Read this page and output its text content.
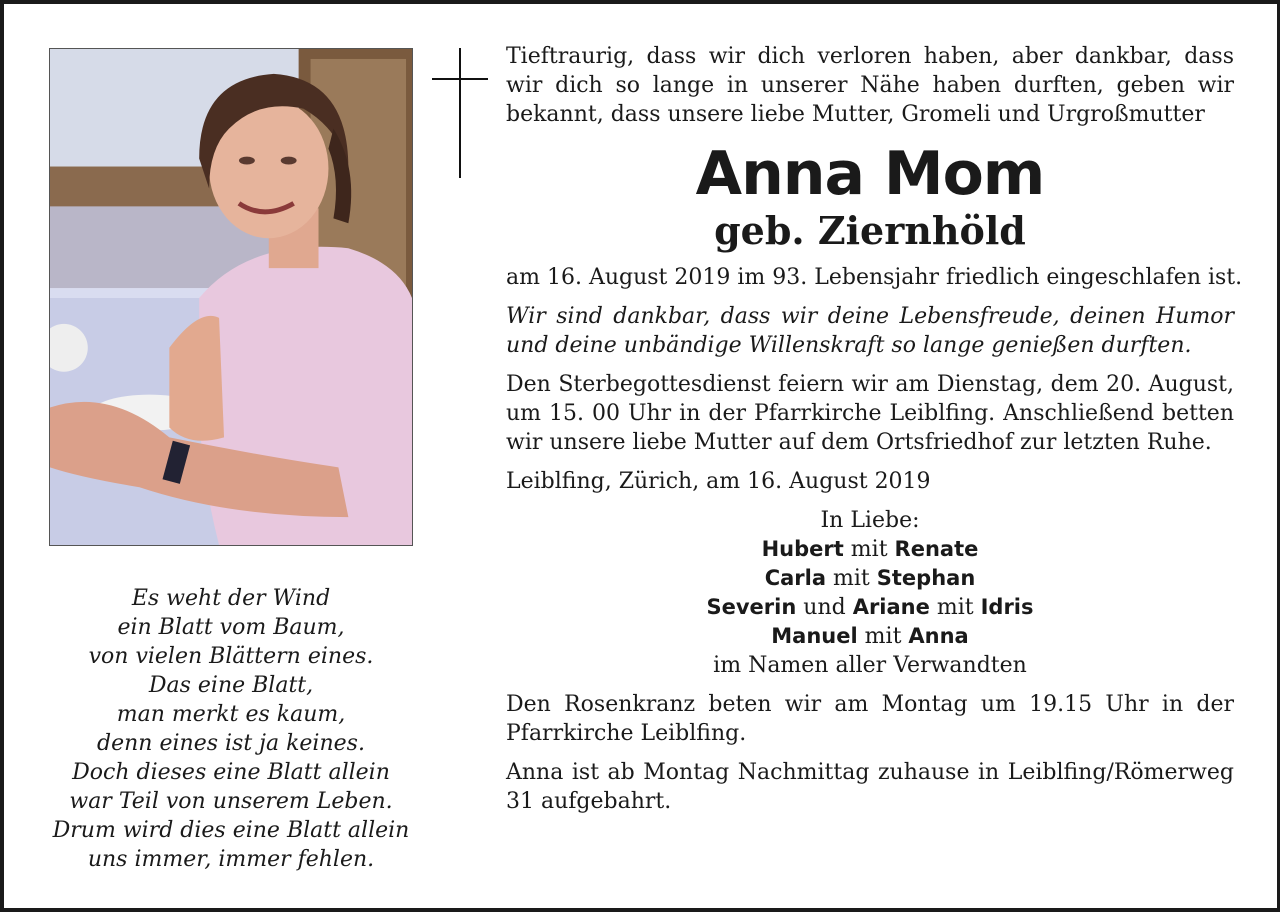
Es weht der Wind
ein Blatt vom Baum,
von vielen Blättern eines.
Das eine Blatt,
man merkt es kaum,
denn eines ist ja keines.
Doch dieses eine Blatt allein
war Teil von unserem Leben.
Drum wird dies eine Blatt allein
uns immer, immer fehlen.
Tieftraurig, dass wir dich verloren haben, aber dankbar, dass
wir dich so lange in unserer Nähe haben durften, geben wir
bekannt, dass unsere liebe Mutter, Gromeli und Urgroßmutter
Anna Mom
geb. Ziernhöld
am 16. August 2019 im 93. Lebensjahr friedlich eingeschlafen ist.
Wir sind dankbar, dass wir deine Lebensfreude, deinen Humor
und deine unbändige Willenskraft so lange genießen durften.
Den Sterbegottesdienst feiern wir am Dienstag, dem 20. August,
um 15. 00 Uhr in der Pfarrkirche Leiblfing. Anschließend betten
wir unsere liebe Mutter auf dem Ortsfriedhof zur letzten Ruhe.
Leiblfing, Zürich, am 16. August 2019
In Liebe:
Hubert mit Renate
Carla mit Stephan
Severin und Ariane mit Idris
Manuel mit Anna
im Namen aller Verwandten
Den Rosenkranz beten wir am Montag um 19.15 Uhr in der
Pfarrkirche Leiblfing.
Anna ist ab Montag Nachmittag zuhause in Leiblfing/Römerweg
31 aufgebahrt.
